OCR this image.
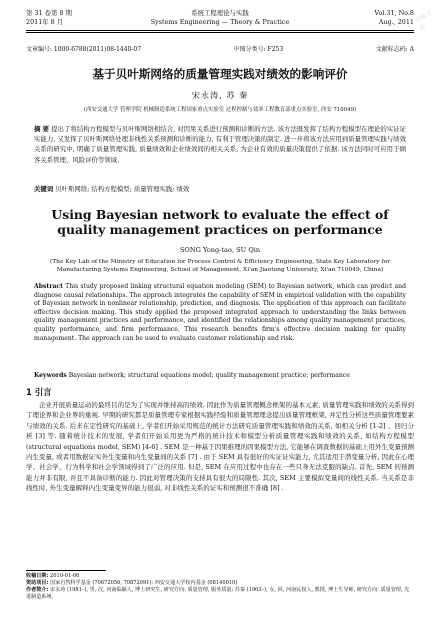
第 31 卷第 8 期	系统工程理论与实践	Vol.31, No.8
2011年 8 月	Systems Engineering — Theory & Practice	Aug., 2011
文章编号: 1000-6788(2011)08-1440-07	中图分类号: F253	文献标志码: A
基于贝叶斯网络的质量管理实践对绩效的影响评价
宋永涛, 苏 秦
(西安交通大学 管理学院 机械制造系统工程国家重点实验室 过程控制与效率工程教育部重点实验室, 西安 710049)
摘 要 提出了将结构方程模型与贝叶斯网络相结合, 对因果关系进行预测和诊断的方法. 该方法既发挥了结构方程模型在理论的实证证实能力, 又发挥了贝叶斯网络处理非线性关系预测和诊断的能力, 有利于管理决策的制定. 进一步将该方法应用到质量管理实践与绩效关系的研究中, 明确了质量管理实践, 质量绩效和企业绩效间的相关关系, 为企业有效的质量决策提供了依据. 该方法同时可应用于顾客关系管理、风险评价等领域.
关键词 贝叶斯网络; 结构方程模型; 质量管理实践; 绩效
Using Bayesian network to evaluate the effect of quality management practices on performance
SONG Yong-tao, SU Qin
(The Key Lab of the Ministry of Education for Process Control & Efficiency Engineering, State Key Laboratory for Manufacturing Systems Engineering, School of Management, Xi'an Jiaotong University, Xi'an 710049, China)
Abstract This study proposed linking structural equation modeling (SEM) to Bayesian network, which can predict and diagnose causal relationships. The approach integrates the capability of SEM in empirical validation with the capability of Bayesian network in nonlinear relationship, prediction, and diagnosis. The application of this approach can facilitate effective decision making. This study applied the proposed integrated approach to understanding the links between quality management practices and performance, and identified the relationships among quality management practices, quality performance, and firm performance. This research benefits firm's effective decision making for quality management. The approach can be used to evaluate customer relationship and risk.
Keywords Bayesian network; structural equations model; quality management practice; performance
1 引言
企业开展质量运动的最终目的是为了实现并维持高的绩效. 因此作为质量管理概念框架的基本元素, 质量管理实践和绩效的关系得到了理论界和企业界的重视. 早期的研究都是质量管理专家根据实践经验和质量管理理念提出质量管理框架, 并定性分析这些质量管理要素与绩效的关系. 后来在定性研究的基础上, 学者们开始采用规范的统计方法研究质量管理实践和绩效的关系, 如相关分析 [1-2] 、回归分析 [3] 等. 随着统计技术的发展, 学者们开始采用更为严格的统计技术和模型分析质量管理实践和绩效的关系, 如结构方程模型 (structural equations model, SEM) [4-6] . SEM 是一种基于因果推理的因果模型方法, 它能够在调查数据的基础上用外生变量预测内生变量, 或者用数据证实外生变量和内生变量间的关系 [7] . 由于 SEM 具有很好的实证证实能力, 尤其适用于潜变量分析, 因此在心理学、社会学、行为科学和社会学领域得到了广泛的应用. 但是, SEM 在应用过程中也存在一些只身无法克服的缺点. 首先, SEM 的预测能力并非有限, 并且不具备诊断的能力. 因此对管理决策的支持具有很大的局限性. 其次, SEM 主要模拟变量间的线性关系. 当关系是非线性时, 外生变量解释内生变量变异的能力很弱, 对非线性关系的证实和预测很不准确 [8] .
收稿日期: 2010-01-06
资助项目: 国家自然科学基金 (70672056, 70872091); 西安交通大学校内基金 (08140010)
作者简介: 宋永涛 (1981–), 男, 汉, 河南临颍人, 博士研究生, 研究方向: 质量管理, 服务质量; 苏秦 (1963–), 女, 回, 河南民权人, 教授, 博士生导师, 研究方向: 质量管理, 先进制造系统.
百度文库
